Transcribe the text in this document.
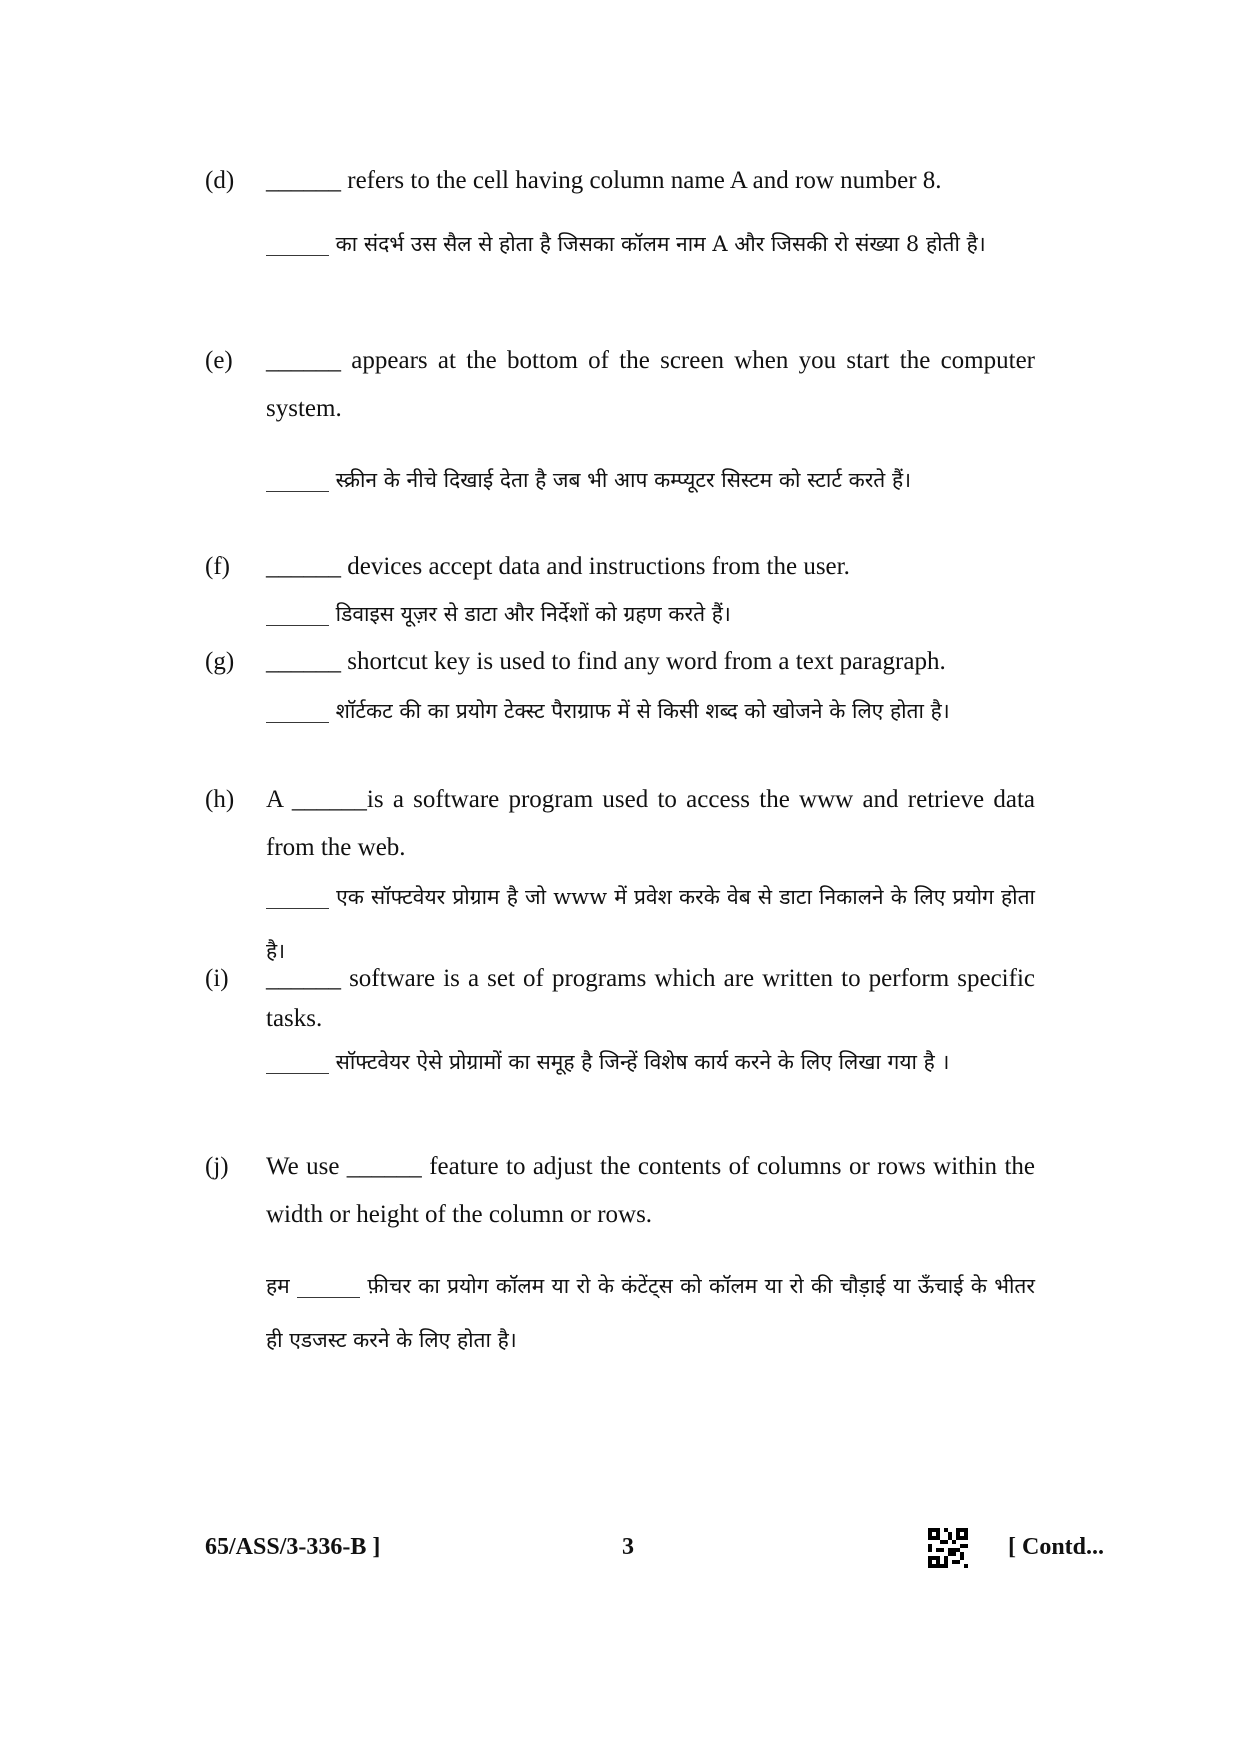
(d) ______ refers to the cell having column name A and row number 8.

______ का संदर्भ उस सैल से होता है जिसका कॉलम नाम A और जिसकी रो संख्या 8 होती है।

(e) ______ appears at the bottom of the screen when you start the computer system.

______ स्क्रीन के नीचे दिखाई देता है जब भी आप कम्प्यूटर सिस्टम को स्टार्ट करते हैं।

(f) ______ devices accept data and instructions from the user.

______ डिवाइस यूज़र से डाटा और निर्देशों को ग्रहण करते हैं।

(g) ______ shortcut key is used to find any word from a text paragraph.

______ शॉर्टकट की का प्रयोग टेक्स्ट पैराग्राफ में से किसी शब्द को खोजने के लिए होता है।

(h) A ______is a software program used to access the www and retrieve data from the web.

______ एक सॉफ्टवेयर प्रोग्राम है जो www में प्रवेश करके वेब से डाटा निकालने के लिए प्रयोग होता है।

(i) ______ software is a set of programs which are written to perform specific tasks.

______ सॉफ्टवेयर ऐसे प्रोग्रामों का समूह है जिन्हें विशेष कार्य करने के लिए लिखा गया है ।

(j) We use ______ feature to adjust the contents of columns or rows within the width or height of the column or rows.

हम ______ फ़ीचर का प्रयोग कॉलम या रो के कंटेंट्स को कॉलम या रो की चौड़ाई या ऊँचाई के भीतर ही एडजस्ट करने के लिए होता है।

65/ASS/3-336-B ]	3	[ Contd...
